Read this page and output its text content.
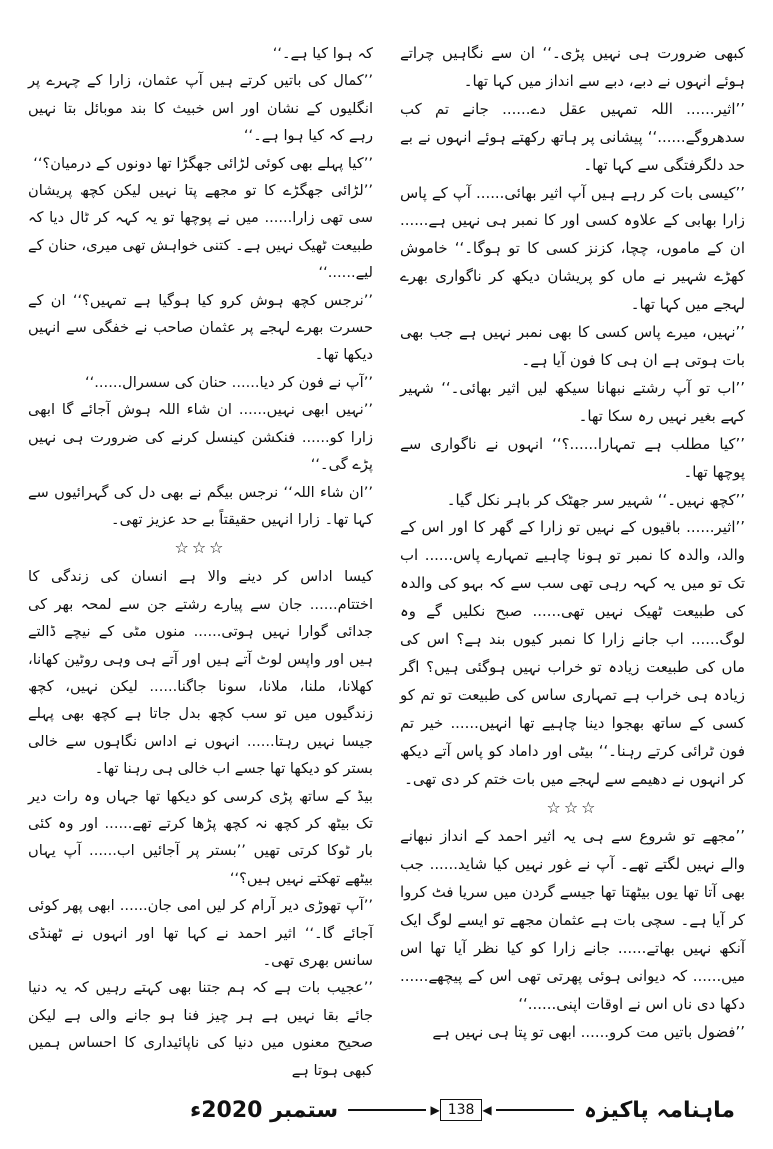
کبھی ضرورت ہی نہیں پڑی۔‘‘ ان سے نگاہیں چراتے ہوئے انہوں نے دبے، دبے سے انداز میں کہا تھا۔

’’اثیر...... اللہ تمہیں عقل دے...... جانے تم کب سدھروگے......‘‘ پیشانی پر ہاتھ رکھتے ہوئے انہوں نے بے حد دلگرفتگی سے کہا تھا۔

’’کیسی بات کر رہے ہیں آپ اثیر بھائی...... آپ کے پاس زارا بھابی کے علاوہ کسی اور کا نمبر ہی نہیں ہے...... ان کے ماموں، چچا، کزنز کسی کا تو ہوگا۔‘‘ خاموش کھڑے شہیر نے ماں کو پریشان دیکھ کر ناگواری بھرے لہجے میں کہا تھا۔

’’نہیں، میرے پاس کسی کا بھی نمبر نہیں ہے جب بھی بات ہوتی ہے ان ہی کا فون آیا ہے۔

’’اب تو آپ رشتے نبھانا سیکھ لیں اثیر بھائی۔‘‘ شہیر کہے بغیر نہیں رہ سکا تھا۔

’’کیا مطلب ہے تمہارا......؟‘‘ انہوں نے ناگواری سے پوچھا تھا۔

’’کچھ نہیں۔‘‘ شہیر سر جھٹک کر باہر نکل گیا۔

’’اثیر...... باقیوں کے نہیں تو زارا کے گھر کا اور اس کے والد، والدہ کا نمبر تو ہونا چاہیے تمہارے پاس...... اب تک تو میں یہ کہہ رہی تھی سب سے کہ بہو کی والدہ کی طبیعت ٹھیک نہیں تھی...... صبح نکلیں گے وہ لوگ...... اب جانے زارا کا نمبر کیوں بند ہے؟ اس کی ماں کی طبیعت زیادہ تو خراب نہیں ہوگئی ہیں؟ اگر زیادہ ہی خراب ہے تمہاری ساس کی طبیعت تو تم کو کسی کے ساتھ بھجوا دینا چاہیے تھا انہیں...... خیر تم فون ٹرائی کرتے رہنا۔‘‘ بیٹی اور داماد کو پاس آتے دیکھ کر انہوں نے دھیمے سے لہجے میں بات ختم کر دی تھی۔

☆☆☆

’’مجھے تو شروع سے ہی یہ اثیر احمد کے انداز نبھانے والے نہیں لگتے تھے۔ آپ نے غور نہیں کیا شاید...... جب بھی آتا تھا یوں بیٹھتا تھا جیسے گردن میں سریا فٹ کروا کر آیا ہے۔ سچی بات ہے عثمان مجھے تو ایسے لوگ ایک آنکھ نہیں بھاتے...... جانے زارا کو کیا نظر آیا تھا اس میں...... کہ دیوانی ہوئی پھرتی تھی اس کے پیچھے...... دکھا دی ناں اس نے اوقات اپنی......‘‘

’’فضول باتیں مت کرو...... ابھی تو پتا ہی نہیں ہے

کہ ہوا کیا ہے۔‘‘

’’کمال کی باتیں کرتے ہیں آپ عثمان، زارا کے چہرے پر انگلیوں کے نشان اور اس خبیث کا بند موبائل بتا نہیں رہے کہ کیا ہوا ہے۔‘‘

’’کیا پہلے بھی کوئی لڑائی جھگڑا تھا دونوں کے درمیان؟‘‘

’’لڑائی جھگڑے کا تو مجھے پتا نہیں لیکن کچھ پریشان سی تھی زارا...... میں نے پوچھا تو یہ کہہ کر ٹال دیا کہ طبیعت ٹھیک نہیں ہے۔ کتنی خواہش تھی میری، حنان کے لیے......‘‘

’’نرجس کچھ ہوش کرو کیا ہوگیا ہے تمہیں؟‘‘ ان کے حسرت بھرے لہجے پر عثمان صاحب نے خفگی سے انہیں دیکھا تھا۔

’’آپ نے فون کر دیا...... حنان کی سسرال......‘‘

’’نہیں ابھی نہیں...... ان شاء اللہ ہوش آجائے گا ابھی زارا کو...... فنکشن کینسل کرنے کی ضرورت ہی نہیں پڑے گی۔‘‘

’’ان شاء اللہ‘‘ نرجس بیگم نے بھی دل کی گہرائیوں سے کہا تھا۔ زارا انہیں حقیقتاً بے حد عزیز تھی۔

☆☆☆

کیسا اداس کر دینے والا ہے انسان کی زندگی کا اختتام...... جان سے پیارے رشتے جن سے لمحہ بھر کی جدائی گوارا نہیں ہوتی...... منوں مٹی کے نیچے ڈالتے ہیں اور واپس لوٹ آتے ہیں اور آتے ہی وہی روٹین کھانا، کھلانا، ملنا، ملانا، سونا جاگنا...... لیکن نہیں، کچھ زندگیوں میں تو سب کچھ بدل جاتا ہے کچھ بھی پہلے جیسا نہیں رہتا...... انہوں نے اداس نگاہوں سے خالی بستر کو دیکھا تھا جسے اب خالی ہی رہنا تھا۔

بیڈ کے ساتھ پڑی کرسی کو دیکھا تھا جہاں وہ رات دیر تک بیٹھ کر کچھ نہ کچھ پڑھا کرتے تھے...... اور وہ کئی بار ٹوکا کرتی تھیں ’’بستر پر آجائیں اب...... آپ یہاں بیٹھے تھکتے نہیں ہیں؟‘‘

’’آپ تھوڑی دیر آرام کر لیں امی جان...... ابھی پھر کوئی آجائے گا۔‘‘ اثیر احمد نے کہا تھا اور انہوں نے ٹھنڈی سانس بھری تھی۔

’’عجیب بات ہے کہ ہم جتنا بھی کہتے رہیں کہ یہ دنیا جائے بقا نہیں ہے ہر چیز فنا ہو جانے والی ہے لیکن صحیح معنوں میں دنیا کی ناپائیداری کا احساس ہمیں کبھی ہوتا ہے

ماہنامہ پاکیزہ
◀
138
▶
ستمبر 2020ء
